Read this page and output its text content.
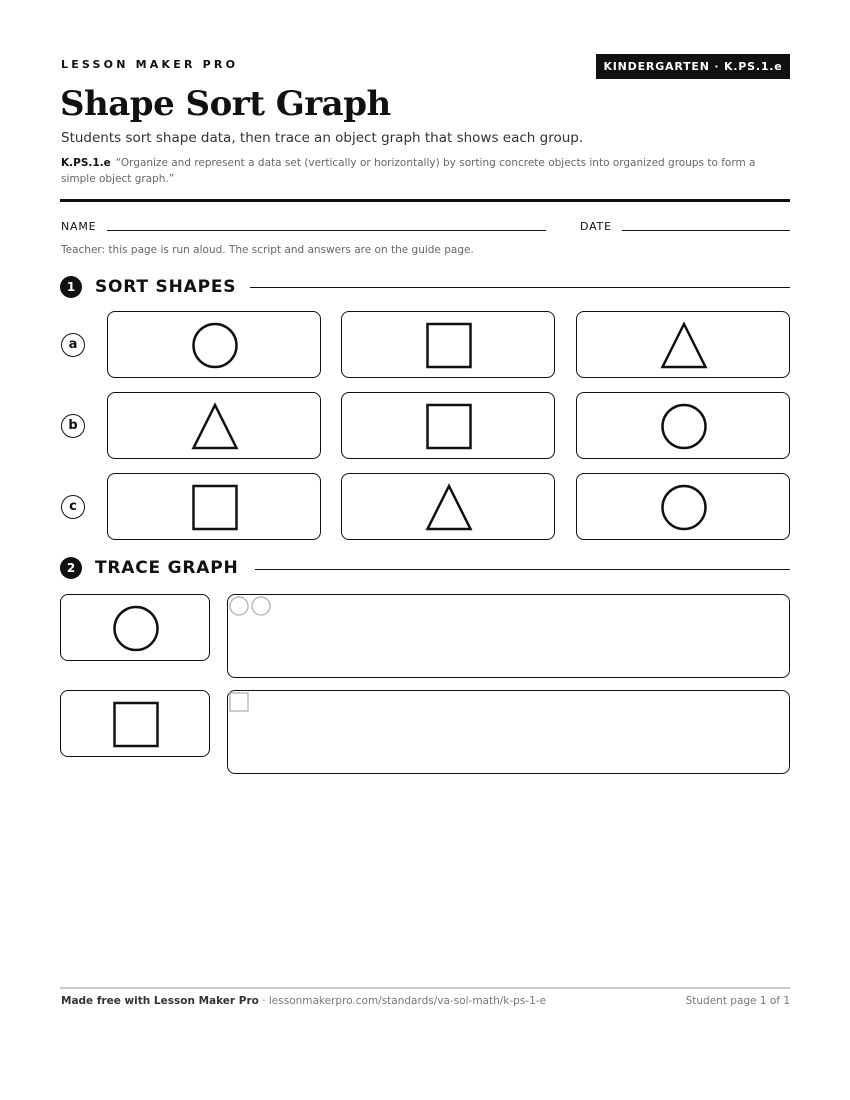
LESSON MAKER PRO	KINDERGARTEN · K.PS.1.e
Shape Sort Graph

Students sort shape data, then trace an object graph that shows each group.

K.PS.1.e “Organize and represent a data set (vertically or horizontally) by sorting concrete objects into organized groups to form a simple object graph.”

NAME	DATE
Teacher: this page is run aloud. The script and answers are on the guide page.
1	SORT SHAPES
a
b
c
2	TRACE GRAPH
Made free with Lesson Maker Pro · lessonmakerpro.com/standards/va-sol-math/k-ps-1-e	Student page 1 of 1
